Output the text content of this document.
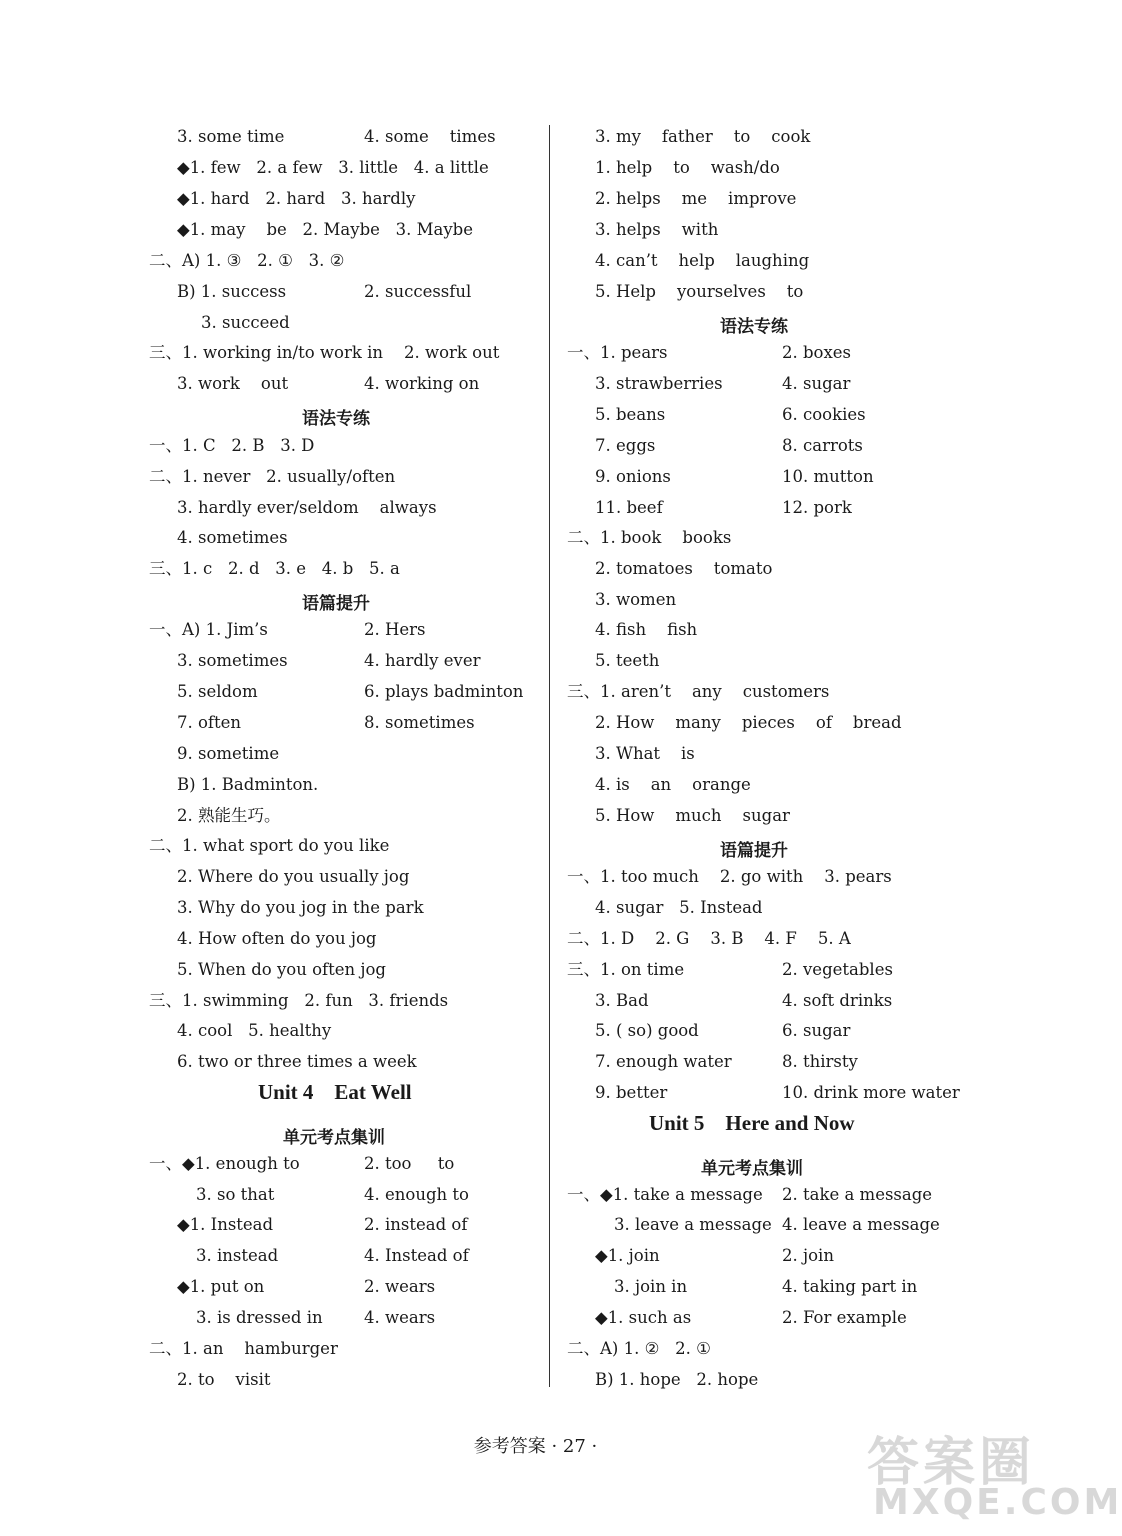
参考答案 · 27 ·	答案圈
MXQE.COM
3. some time	4. some    times
◆1. few   2. a few   3. little   4. a little
◆1. hard   2. hard   3. hardly
◆1. may    be   2. Maybe   3. Maybe
二、A) 1. ③   2. ①   3. ②
B) 1. success	2. successful
3. succeed
三、1. working in/to work in    2. work out
3. work    out	4. working on
一、1. C   2. B   3. D
二、1. never   2. usually/often
3. hardly ever/seldom    always
4. sometimes
三、1. c   2. d   3. e   4. b   5. a
一、A) 1. Jim’s	2. Hers
3. sometimes	4. hardly ever
5. seldom	6. plays badminton
7. often	8. sometimes
9. sometime
B) 1. Badminton.
2. 熟能生巧。
二、1. what sport do you like
2. Where do you usually jog
3. Why do you jog in the park
4. How often do you jog
5. When do you often jog
三、1. swimming   2. fun   3. friends
4. cool   5. healthy
6. two or three times a week
一、◆1. enough to	2. too     to
3. so that	4. enough to
◆1. Instead	2. instead of
3. instead	4. Instead of
◆1. put on	2. wears
3. is dressed in	4. wears
二、1. an    hamburger
2. to    visit
3. my    father    to    cook
1. help    to    wash/do
2. helps    me    improve
3. helps    with
4. can’t    help    laughing
5. Help    yourselves    to
一、1. pears	2. boxes
3. strawberries	4. sugar
5. beans	6. cookies
7. eggs	8. carrots
9. onions	10. mutton
11. beef	12. pork
二、1. book    books
2. tomatoes    tomato
3. women
4. fish    fish
5. teeth
三、1. aren’t    any    customers
2. How    many    pieces    of    bread
3. What    is
4. is    an    orange
5. How    much    sugar
一、1. too much    2. go with    3. pears
4. sugar   5. Instead
二、1. D    2. G    3. B    4. F    5. A
三、1. on time	2. vegetables
3. Bad	4. soft drinks
5. ( so) good	6. sugar
7. enough water	8. thirsty
9. better	10. drink more water
一、◆1. take a message 2. take a message
3. leave a message 4. leave a message
◆1. join	2. join
3. join in	4. taking part in
◆1. such as	2. For example
二、A) 1. ②   2. ①
B) 1. hope   2. hope
语法专练
语篇提升
单元考点集训
语法专练
语篇提升
单元考点集训
Unit 4    Eat Well
Unit 5    Here and Now
